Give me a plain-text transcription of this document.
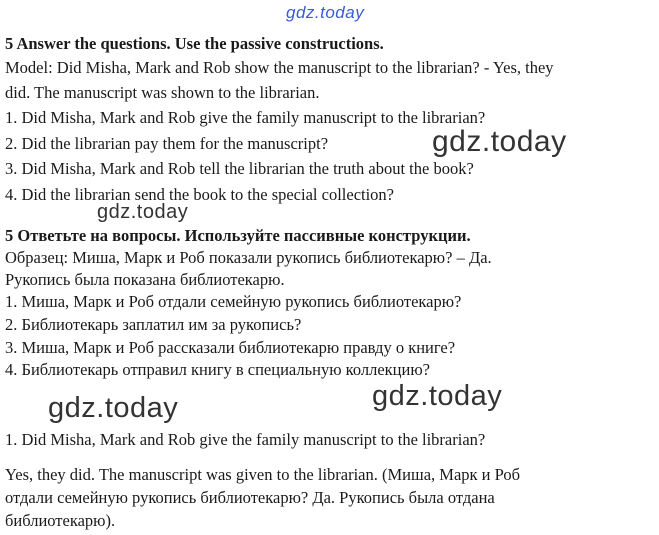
gdz.today
gdz.today
gdz.today
gdz.today	gdz.today
5 Answer the questions. Use the passive constructions.
Model: Did Misha, Mark and Rob show the manuscript to the librarian? - Yes, they
did. The manuscript was shown to the librarian.
1. Did Misha, Mark and Rob give the family manuscript to the librarian?
2. Did the librarian pay them for the manuscript?
3. Did Misha, Mark and Rob tell the librarian the truth about the book?
4. Did the librarian send the book to the special collection?
5 Ответьте на вопросы. Используйте пассивные конструкции.
Образец: Миша, Марк и Роб показали рукопись библиотекарю? – Да.
Рукопись была показана библиотекарю.
1. Миша, Марк и Роб отдали семейную рукопись библиотекарю?
2. Библиотекарь заплатил им за рукопись?
3. Миша, Марк и Роб рассказали библиотекарю правду о книге?
4. Библиотекарь отправил книгу в специальную коллекцию?
1. Did Misha, Mark and Rob give the family manuscript to the librarian?
Yes, they did. The manuscript was given to the librarian. (Миша, Марк и Роб
отдали семейную рукопись библиотекарю? Да. Рукопись была отдана
библиотекарю).
